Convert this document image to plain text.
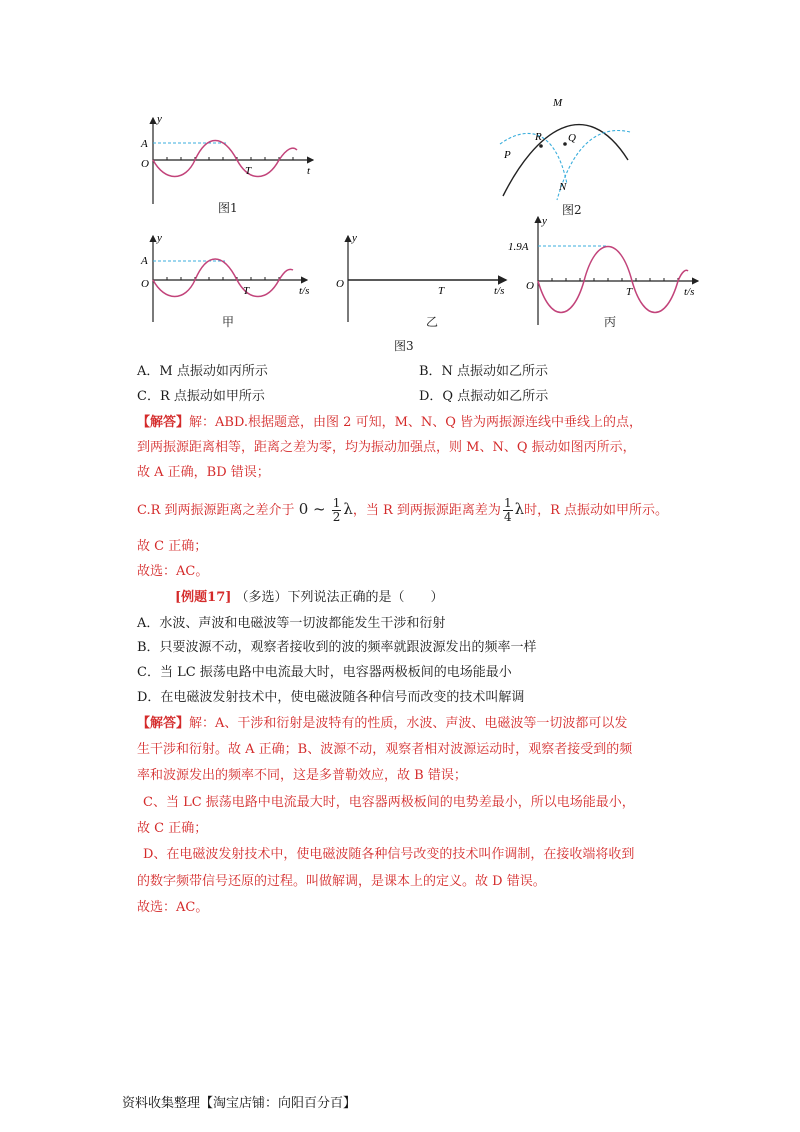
y
A
O
T	t
图1
M
R Q
P
N
图2
y
A
O
T	t/s
甲
y
O
T	t/s
乙
y
1.9A
O	T	t/s
丙
图3
A．M 点振动如丙所示	B．N 点振动如乙所示
C．R 点振动如甲所示	D．Q 点振动如乙所示
【解答】解：ABD.根据题意，由图 2 可知，M、N、Q 皆为两振源连线中垂线上的点，
到两振源距离相等，距离之差为零，均为振动加强点，则 M、N、Q 振动如图丙所示，
故 A 正确，BD 错误；
C.R 到两振源距离之差介于 0 ~ $\frac{1}{2}$ λ，当 R 到两振源距离差为 $\frac{1}{4}$ λ时，R 点振动如甲所示。
故 C 正确；
故选：AC。
[例题17] （多选）下列说法正确的是（　　）
A．水波、声波和电磁波等一切波都能发生干涉和衍射
B．只要波源不动，观察者接收到的波的频率就跟波源发出的频率一样
C．当 LC 振荡电路中电流最大时，电容器两极板间的电场能最小
D．在电磁波发射技术中，使电磁波随各种信号而改变的技术叫解调
【解答】解：A、干涉和衍射是波特有的性质，水波、声波、电磁波等一切波都可以发
生干涉和衍射。故 A 正确；B、波源不动，观察者相对波源运动时，观察者接受到的频
率和波源发出的频率不同，这是多普勒效应，故 B 错误；
C、当 LC 振荡电路中电流最大时，电容器两极板间的电势差最小，所以电场能最小，
故 C 正确；
D、在电磁波发射技术中，使电磁波随各种信号改变的技术叫作调制，在接收端将收到
的数字频带信号还原的过程。叫做解调，是课本上的定义。故 D 错误。
故选：AC。
资料收集整理【淘宝店铺：向阳百分百】
